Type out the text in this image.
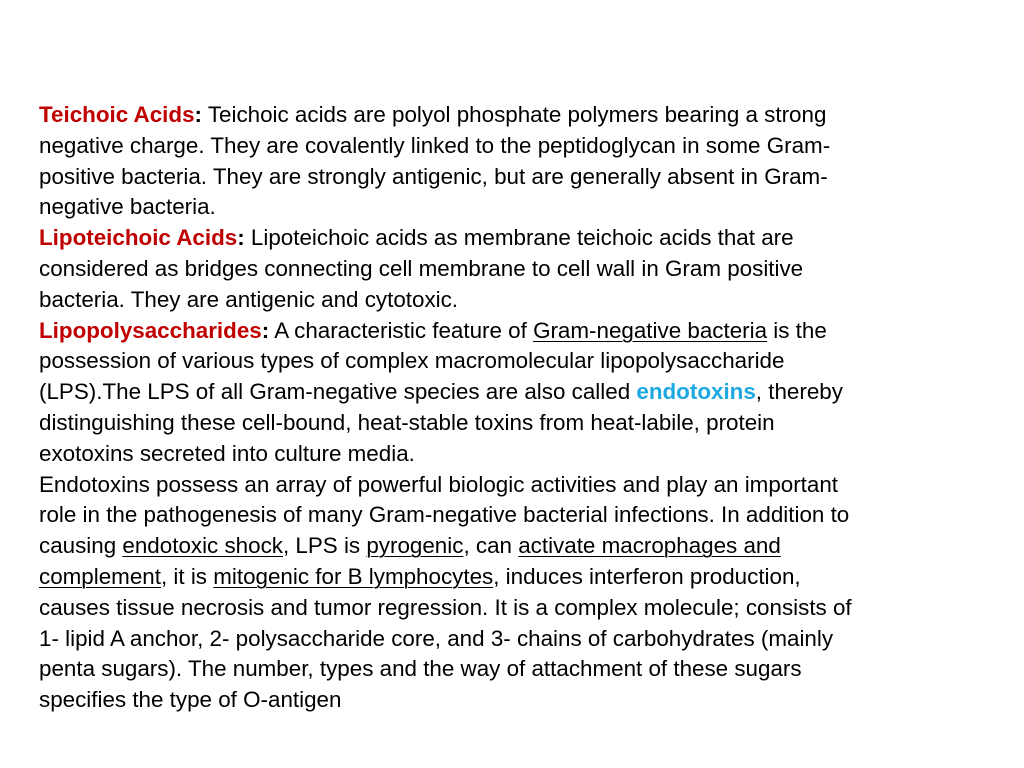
Teichoic Acids: Teichoic acids are polyol phosphate polymers bearing a strong
negative charge. They are covalently linked to the peptidoglycan in some Gram-
positive bacteria. They are strongly antigenic, but are generally absent in Gram-
negative bacteria.
Lipoteichoic Acids: Lipoteichoic acids as membrane teichoic acids that are
considered as bridges connecting cell membrane to cell wall in Gram positive
bacteria. They are antigenic and cytotoxic.
Lipopolysaccharides: A characteristic feature of Gram-negative bacteria is the
possession of various types of complex macromolecular lipopolysaccharide
(LPS).The LPS of all Gram-negative species are also called endotoxins, thereby
distinguishing these cell-bound, heat-stable toxins from heat-labile, protein
exotoxins secreted into culture media.
Endotoxins possess an array of powerful biologic activities and play an important
role in the pathogenesis of many Gram-negative bacterial infections. In addition to
causing endotoxic shock, LPS is pyrogenic, can activate macrophages and
complement, it is mitogenic for B lymphocytes, induces interferon production,
causes tissue necrosis and tumor regression. It is a complex molecule; consists of
1- lipid A anchor, 2- polysaccharide core, and 3- chains of carbohydrates (mainly
penta sugars). The number, types and the way of attachment of these sugars
specifies the type of O-antigen
